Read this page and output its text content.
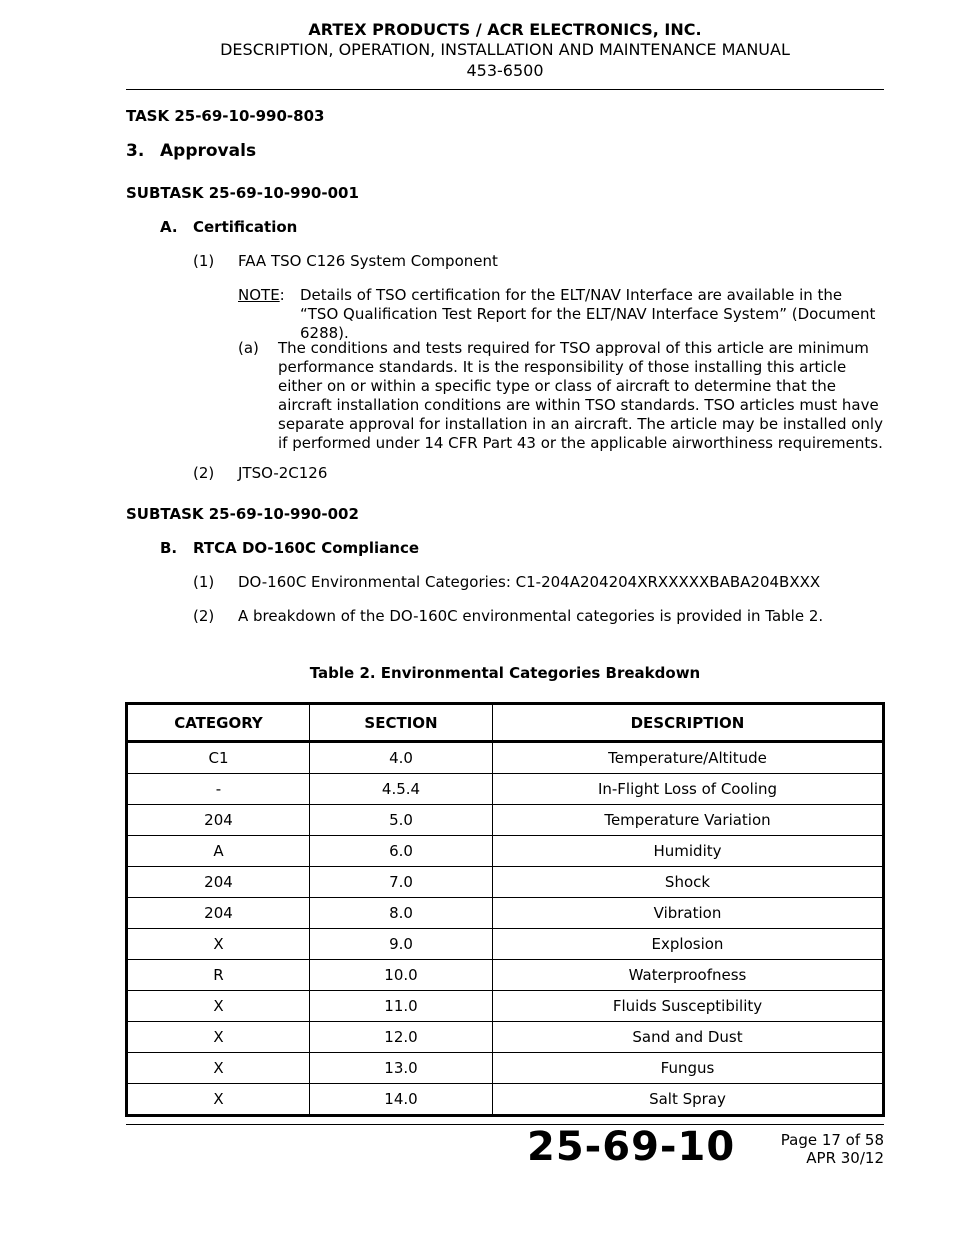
ARTEX PRODUCTS / ACR ELECTRONICS, INC.
DESCRIPTION, OPERATION, INSTALLATION AND MAINTENANCE MANUAL
453-6500
TASK 25-69-10-990-803
3. Approvals
SUBTASK 25-69-10-990-001
A. Certification
(1) FAA TSO C126 System Component
NOTE: Details of TSO certification for the ELT/NAV Interface are available in the “TSO Qualification Test Report for the ELT/NAV Interface System” (Document 6288).
(a) The conditions and tests required for TSO approval of this article are minimum performance standards. It is the responsibility of those installing this article either on or within a specific type or class of aircraft to determine that the aircraft installation conditions are within TSO standards. TSO articles must have separate approval for installation in an aircraft. The article may be installed only if performed under 14 CFR Part 43 or the applicable airworthiness requirements.
(2) JTSO-2C126
SUBTASK 25-69-10-990-002
B. RTCA DO-160C Compliance
(1) DO-160C Environmental Categories: C1-204A204204XRXXXXXBABA204BXXX
(2) A breakdown of the DO-160C environmental categories is provided in Table 2.
Table 2. Environmental Categories Breakdown
CATEGORY	SECTION	DESCRIPTION
C1	4.0	Temperature/Altitude
-	4.5.4	In-Flight Loss of Cooling
204	5.0	Temperature Variation
A	6.0	Humidity
204	7.0	Shock
204	8.0	Vibration
X	9.0	Explosion
R	10.0	Waterproofness
X	11.0	Fluids Susceptibility
X	12.0	Sand and Dust
X	13.0	Fungus
X	14.0	Salt Spray
25-69-10	Page 17 of 58
APR 30/12
